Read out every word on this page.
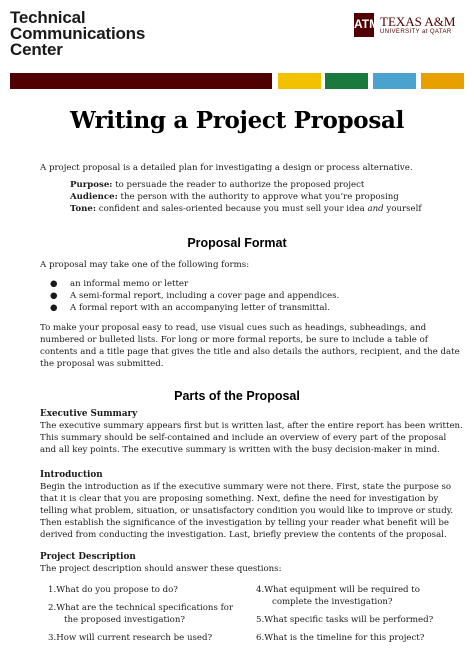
Technical
Communications
Center
ATM TEXAS A&M
UNIVERSITY at QATAR
Writing a Project Proposal
A project proposal is a detailed plan for investigating a design or process alternative.
Purpose: to persuade the reader to authorize the proposed project
Audience: the person with the authority to approve what you’re proposing
Tone: confident and sales-oriented because you must sell your idea and yourself
Proposal Format
A proposal may take one of the following forms:
● an informal memo or letter
● A semi-formal report, including a cover page and appendices.
● A formal report with an accompanying letter of transmittal.
To make your proposal easy to read, use visual cues such as headings, subheadings, and
numbered or bulleted lists. For long or more formal reports, be sure to include a table of
contents and a title page that gives the title and also details the authors, recipient, and the date
the proposal was submitted.
Parts of the Proposal
Executive Summary
The executive summary appears first but is written last, after the entire report has been written.
This summary should be self-contained and include an overview of every part of the proposal
and all key points. The executive summary is written with the busy decision-maker in mind.
Introduction
Begin the introduction as if the executive summary were not there. First, state the purpose so
that it is clear that you are proposing something. Next, define the need for investigation by
telling what problem, situation, or unsatisfactory condition you would like to improve or study.
Then establish the significance of the investigation by telling your reader what benefit will be
derived from conducting the investigation. Last, briefly preview the contents of the proposal.
Project Description
The project description should answer these questions:
1.What do you propose to do?
2.What are the technical specifications for
the proposed investigation?
3.How will current research be used?
4.What equipment will be required to
complete the investigation?
5.What specific tasks will be performed?
6.What is the timeline for this project?
